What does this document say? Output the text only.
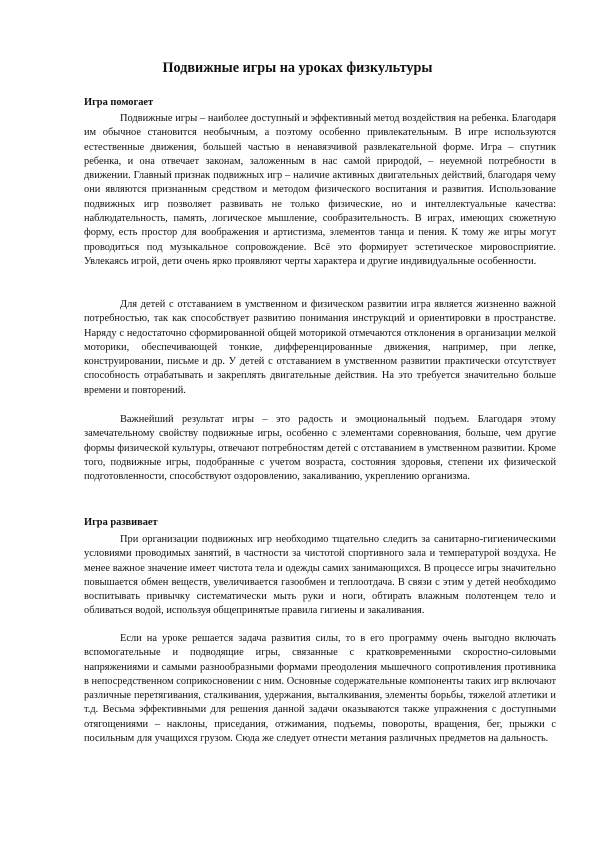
Подвижные игры на уроках физкультуры

Игра помогает

Подвижные игры – наиболее доступный и эффективный метод воздействия на ребенка. Благодаря им обычное становится необычным, а поэтому особенно привлекательным. В игре используются естественные движения, большей частью в ненавязчивой развлекательной форме. Игра – спутник ребенка, и она отвечает законам, заложенным в нас самой природой, – неуемной потребности в движении. Главный признак подвижных игр – наличие активных двигательных действий, благодаря чему они являются признанным средством и методом физического воспитания и развития. Использование подвижных игр позволяет развивать не только физические, но и интеллектуальные качества: наблюдательность, память, логическое мышление, сообразительность. В играх, имеющих сюжетную форму, есть простор для воображения и артистизма, элементов танца и пения. К тому же игры могут проводиться под музыкальное сопровождение. Всё это формирует эстетическое мировосприятие. Увлекаясь игрой, дети очень ярко проявляют черты характера и другие индивидуальные особенности.

Для детей с отставанием в умственном и физическом развитии игра является жизненно важной потребностью, так как способствует развитию понимания инструкций и ориентировки в пространстве. Наряду с недостаточно сформированной общей моторикой отмечаются отклонения в организации мелкой моторики, обеспечивающей тонкие, дифференцированные движения, например, при лепке, конструировании, письме и др. У детей с отставанием в умственном развитии практически отсутствует способность отрабатывать и закреплять двигательные действия. На это требуется значительно больше времени и повторений.

Важнейший результат игры – это радость и эмоциональный подъем. Благодаря этому замечательному свойству подвижные игры, особенно с элементами соревнования, больше, чем другие формы физической культуры, отвечают потребностям детей с отставанием в умственном развитии. Кроме того, подвижные игры, подобранные с учетом возраста, состояния здоровья, степени их физической подготовленности, способствуют оздоровлению, закаливанию, укреплению организма.

Игра развивает

При организации подвижных игр необходимо тщательно следить за санитарно-гигиеническими условиями проводимых занятий, в частности за чистотой спортивного зала и температурой воздуха. Не менее важное значение имеет чистота тела и одежды самих занимающихся. В процессе игры значительно повышается обмен веществ, увеличивается газообмен и теплоотдача. В связи с этим у детей необходимо воспитывать привычку систематически мыть руки и ноги, обтирать влажным полотенцем тело и обливаться водой, используя общепринятые правила гигиены и закаливания.

Если на уроке решается задача развития силы, то в его программу очень выгодно включать вспомогательные и подводящие игры, связанные с кратковременными скоростно-силовыми напряжениями и самыми разнообразными формами преодоления мышечного сопротивления противника в непосредственном соприкосновении с ним. Основные содержательные компоненты таких игр включают различные перетягивания, сталкивания, удержания, выталкивания, элементы борьбы, тяжелой атлетики и т.д. Весьма эффективными для решения данной задачи оказываются также упражнения с доступными отягощениями – наклоны, приседания, отжимания, подъемы, повороты, вращения, бег, прыжки с посильным для учащихся грузом. Сюда же следует отнести метания различных предметов на дальность.
